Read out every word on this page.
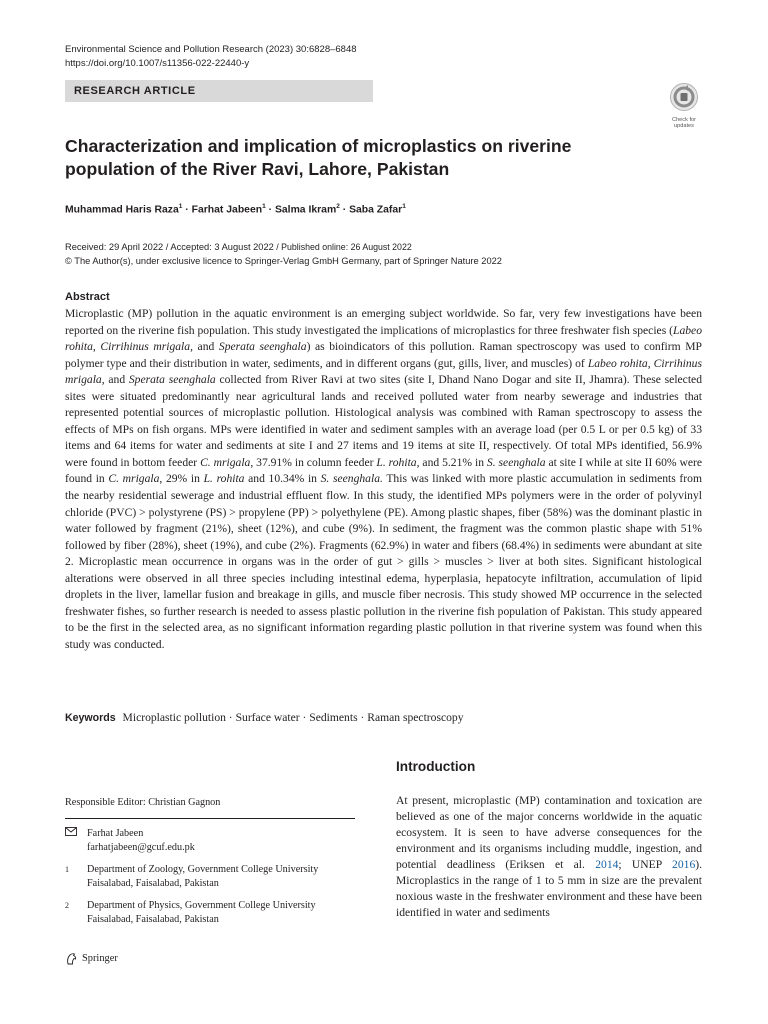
Environmental Science and Pollution Research (2023) 30:6828–6848
https://doi.org/10.1007/s11356-022-22440-y
RESEARCH ARTICLE
Check for
updates
Characterization and implication of microplastics on riverine population of the River Ravi, Lahore, Pakistan
Muhammad Haris Raza$^1$ · Farhat Jabeen$^1$ · Salma Ikram$^2$ · Saba Zafar$^1$
Received: 29 April 2022 / Accepted: 3 August 2022 / Published online: 26 August 2022
© The Author(s), under exclusive licence to Springer-Verlag GmbH Germany, part of Springer Nature 2022
Abstract

Microplastic (MP) pollution in the aquatic environment is an emerging subject worldwide. So far, very few investigations have been reported on the riverine fish population. This study investigated the implications of microplastics for three freshwater fish species (Labeo rohita, Cirrihinus mrigala, and Sperata seenghala) as bioindicators of this pollution. Raman spectroscopy was used to confirm MP polymer type and their distribution in water, sediments, and in different organs (gut, gills, liver, and muscles) of Labeo rohita, Cirrihinus mrigala, and Sperata seenghala collected from River Ravi at two sites (site I, Dhand Nano Dogar and site II, Jhamra). These selected sites were situated predominantly near agricultural lands and received polluted water from nearby sewerage and industries that represented potential sources of microplastic pollution. Histological analysis was combined with Raman spectroscopy to assess the effects of MPs on fish organs. MPs were identified in water and sediment samples with an average load (per 0.5 L or per 0.5 kg) of 33 items and 64 items for water and sediments at site I and 27 items and 19 items at site II, respectively. Of total MPs identified, 56.9% were found in bottom feeder C. mrigala, 37.91% in column feeder L. rohita, and 5.21% in S. seenghala at site I while at site II 60% were found in C. mrigala, 29% in L. rohita and 10.34% in S. seenghala. This was linked with more plastic accumulation in sediments from the nearby residential sewerage and industrial effluent flow. In this study, the identified MPs polymers were in the order of polyvinyl chloride (PVC) > polystyrene (PS) > propylene (PP) > polyethylene (PE). Among plastic shapes, fiber (58%) was the dominant plastic in water followed by fragment (21%), sheet (12%), and cube (9%). In sediment, the fragment was the common plastic shape with 51% followed by fiber (28%), sheet (19%), and cube (2%). Fragments (62.9%) in water and fibers (68.4%) in sediments were abundant at site 2. Microplastic mean occurrence in organs was in the order of gut > gills > muscles > liver at both sites. Significant histological alterations were observed in all three species including intestinal edema, hyperplasia, hepatocyte infiltration, accumulation of lipid droplets in the liver, lamellar fusion and breakage in gills, and muscle fiber necrosis. This study showed MP occurrence in the selected freshwater fishes, so further research is needed to assess plastic pollution in the riverine fish population of Pakistan. This study appeared to be the first in the selected area, as no significant information regarding plastic pollution in that riverine system was found when this study was conducted.

Keywords Microplastic pollution · Surface water · Sediments · Raman spectroscopy
Responsible Editor: Christian Gagnon
Farhat Jabeen
farhatjabeen@gcuf.edu.pk
1 Department of Zoology, Government College University
Faisalabad, Faisalabad, Pakistan
2 Department of Physics, Government College University
Faisalabad, Faisalabad, Pakistan
Introduction

At present, microplastic (MP) contamination and toxication are believed as one of the major concerns worldwide in the aquatic ecosystem. It is seen to have adverse consequences for the environment and its organisms including muddle, ingestion, and potential deadliness (Eriksen et al. 2014; UNEP 2016). Microplastics in the range of 1 to 5 mm in size are the prevalent noxious waste in the freshwater environment and these have been identified in water and sediments

Springer
